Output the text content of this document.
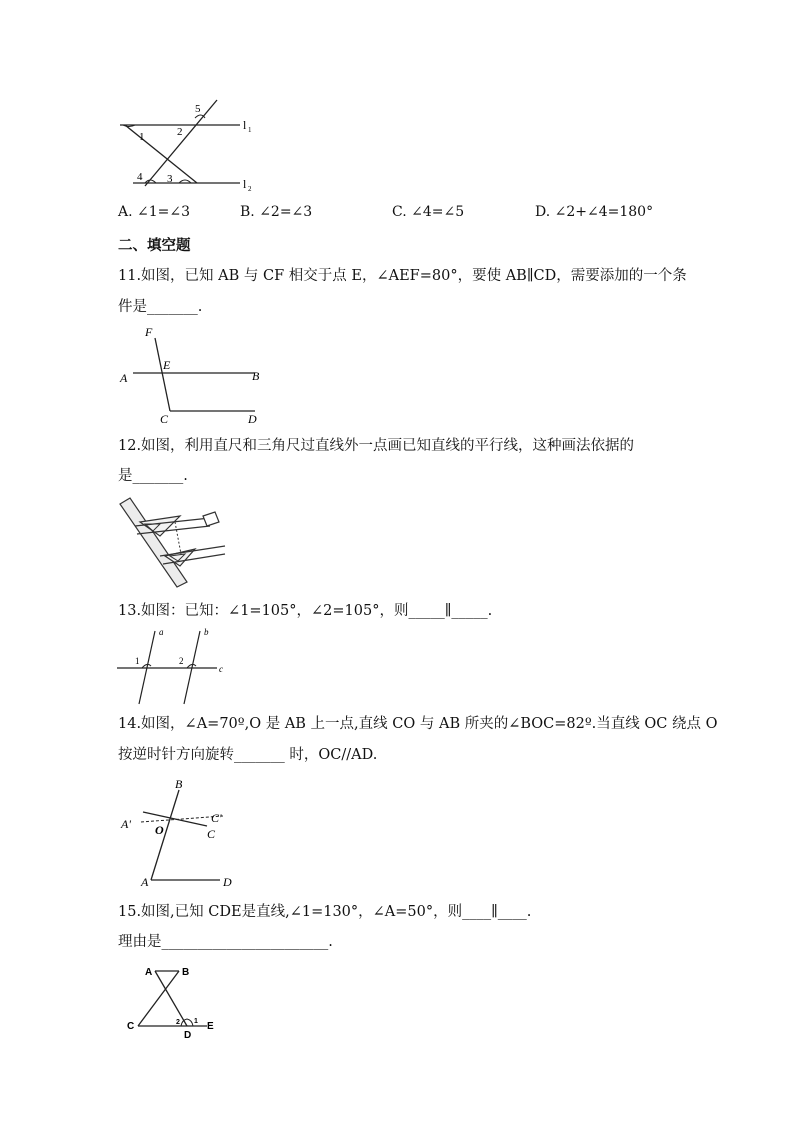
5
1	2
4 3
l 1
l 2
A. ∠1=∠3	B. ∠2=∠3	C. ∠4=∠5	D. ∠2+∠4=180°
二、填空题
11.如图，已知 AB 与 CF 相交于点 E，∠AEF=80°，要使 AB∥CD，需要添加的一个条
件是_______.
F
E
A	B
C	D
12.如图，利用直尺和三角尺过直线外一点画已知直线的平行线，这种画法依据的
是_______.
13.如图：已知：∠1=105°，∠2=105°，则_____∥_____.
a	b
c
1	2
14.如图，∠A=70º,O 是 AB 上一点,直线 CO 与 AB 所夹的∠BOC=82º.当直线 OC 绕点 O
按逆时针方向旋转_______ 时，OC//AD.
B
A' O
C'
C
A	D
15.如图,已知 CDE是直线,∠1=130°，∠A=50°，则____∥____.
理由是_______________________.
A	B
C
D
E
2 1
